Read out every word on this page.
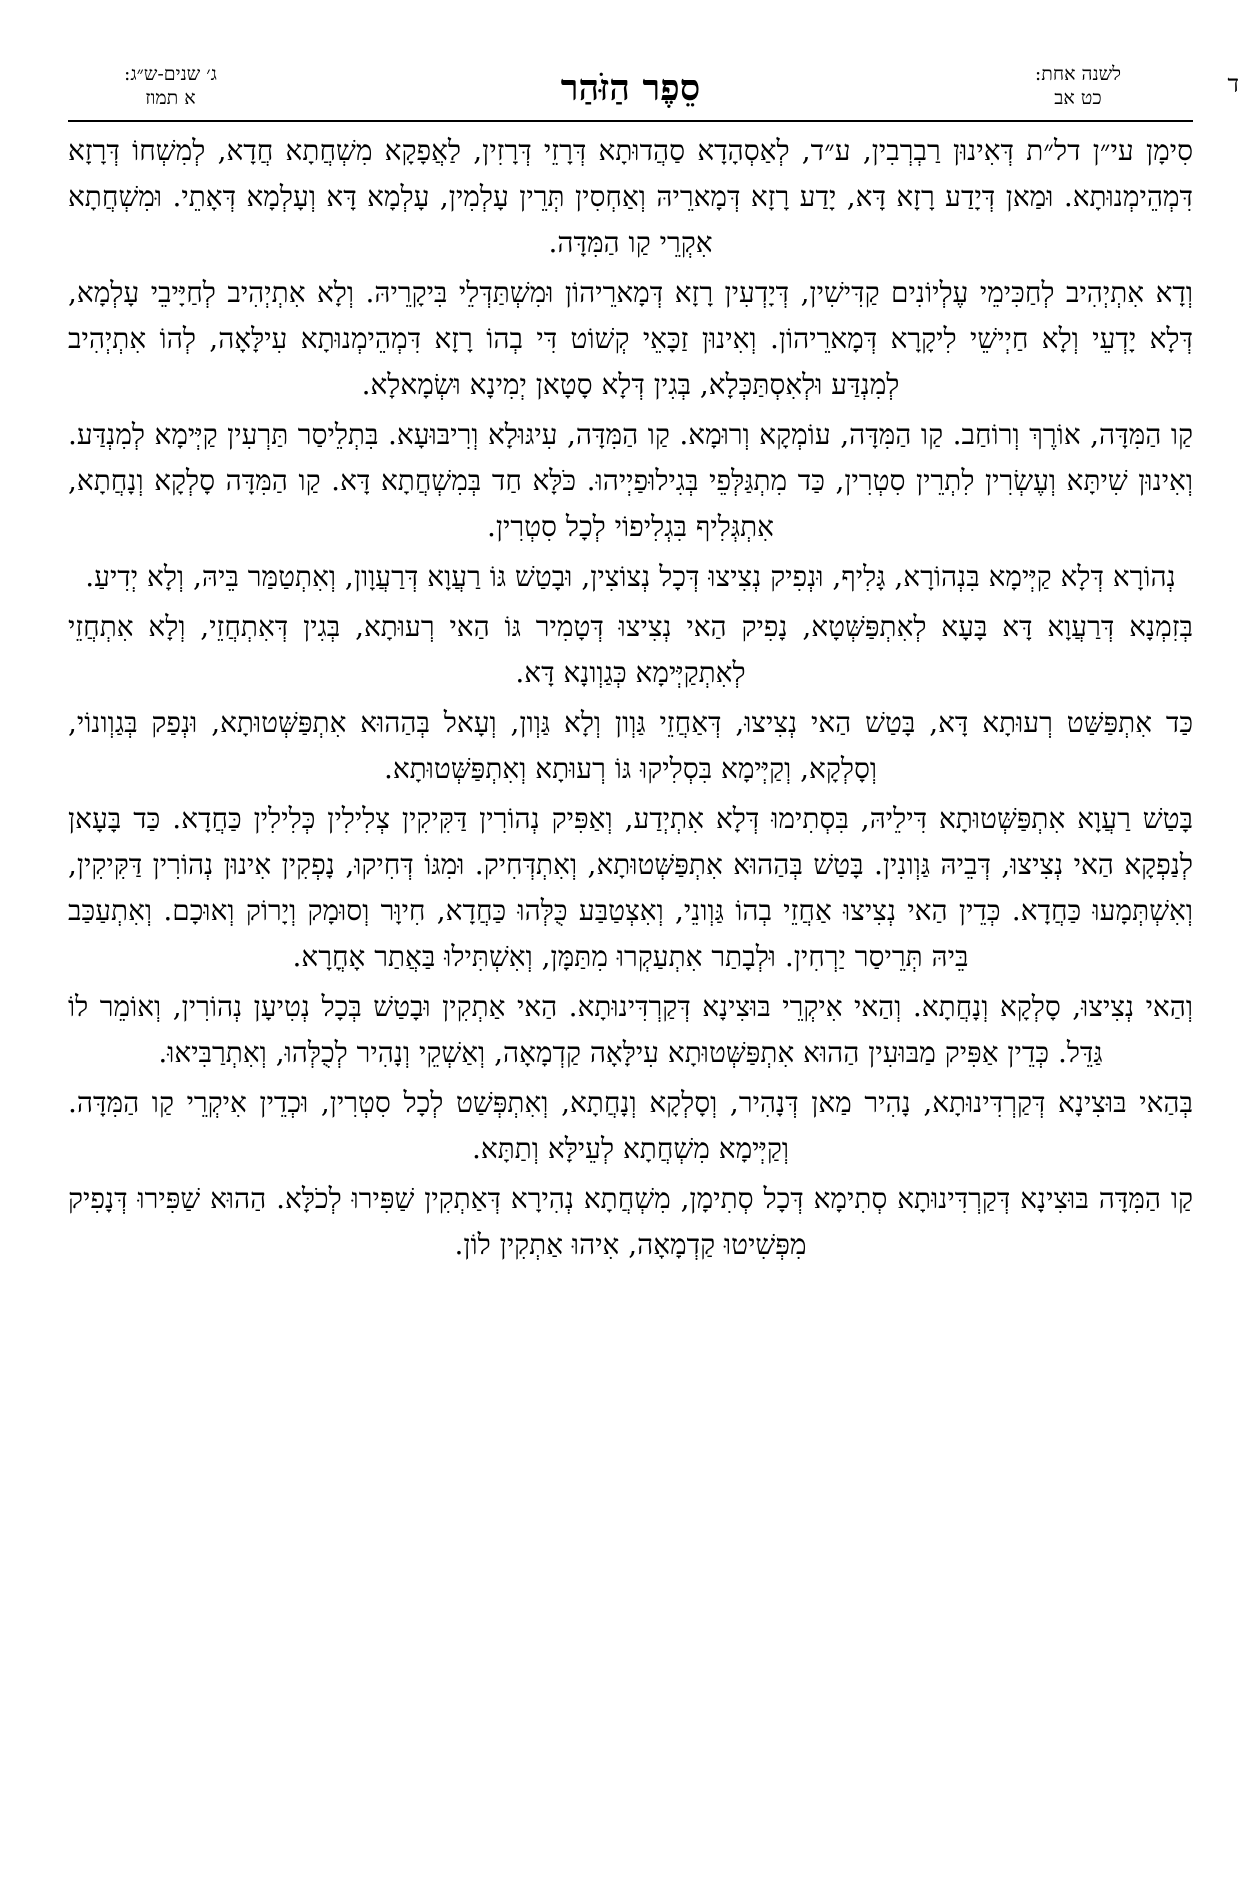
ד
לשנה אחת:
כט אב
סֵפֶר הַזֹּהַר
ג׳ שנים-ש״ג:
א תמוז

סִימָן עי״ן דל״ת דְּאִינוּן רַבְרְבִין, ע״ד, לְאַסְהָדָא סַהֲדוּתָא דְּרָזֵי דְּרָזִין, לַאֲפָקָא מִשְׁחֲתָא חֲדָא, לְמִשְׁחוֹ דְּרָזָא דִּמְהֵימְנוּתָא. וּמַאן דְּיָדַע רָזָא דָּא, יָדַע רָזָא דְּמָארֵיהּ וְאַחְסִין תְּרֵין עָלְמִין, עָלְמָא דָּא וְעָלְמָא דְּאָתֵי. וּמִשְׁחֲתָא אִקְרֵי קַו הַמִּדָּה.

וְדָא אִתְיְהִיב לְחַכִּימֵי עֶלְיוֹנִים קַדִּישִׁין, דְּיָדְעִין רָזָא דְּמָארֵיהוֹן וּמִשְׁתַּדְּלֵי בִּיקָרֵיהּ. וְלָא אִתְיְהִיב לְחַיָּיבֵי עָלְמָא, דְּלָא יָדְעֵי וְלָא חַיְישֵׁי לִיקָרָא דְּמָארֵיהוֹן. וְאִינוּן זַכָּאֵי קְשׁוֹט דִּי בְהוֹ רָזָא דִּמְהֵימְנוּתָא עִילָּאָה, לְהוֹ אִתְיְהִיב לְמִנְדַּע וּלְאִסְתַּכְּלָא, בְּגִין דְּלָא סָטָאן יְמִינָא וּשְׂמָאלָא.

קַו הַמִּדָּה, אוֹרֶךְ וְרוֹחַב. קַו הַמִּדָּה, עוֹמְקָא וְרוּמָא. קַו הַמִּדָּה, עִיגּוּלָא וְרִיבּוּעָא. בִּתְלֵיסַר תַּרְעִין קַיְּימָא לְמִנְדַּע. וְאִינוּן שִׁיתָּא וְעֶשְׂרִין לִתְרֵין סִטְרִין, כַּד מִתְגַּלְּפֵי בְּגִילוּפַיְיהוּ. כֹּלָּא חַד בְּמִשְׁחֲתָא דָּא. קַו הַמִּדָּה סָלְקָא וְנָחֲתָא, אִתְגְּלִיף בִּגְלִיפוֹי לְכָל סִטְרִין.

נְהוֹרָא דְּלָא קַיְּימָא בִּנְהוֹרָא, גָּלִיף, וּנְפִיק נְצִיצוּ דְּכָל נְצוֹצִין, וּבָטַשׁ גּוֹ רַעֲוָא דְּרַעֲוָון, וְאִתְטַמַּר בֵּיהּ, וְלָא יְדִיעַ.

בְּזִמְנָא דְּרַעֲוָא דָּא בָּעָא לְאִתְפַּשְּׁטָא, נָפִיק הַאי נְצִיצוּ דְּטָמִיר גּוֹ הַאי רְעוּתָא, בְּגִין דְּאִתְחֲזֵי, וְלָא אִתְחֲזֵי לְאִתְקַיְּימָא כְּגַוְונָא דָּא.

כַּד אִתְפַּשַּׁט רְעוּתָא דָּא, בָּטַשׁ הַאי נְצִיצוּ, דְּאַחֲזֵי גַּוְון וְלָא גַּוְון, וְעָאל בְּהַהוּא אִתְפַּשְּׁטוּתָא, וּנְפַק בְּגַוְונוֹי, וְסָלְקָא, וְקַיְּימָא בִּסְלִיקוּ גּוֹ רְעוּתָא וְאִתְפַּשְּׁטוּתָא.

בָּטַשׁ רַעֲוָא אִתְפַּשְּׁטוּתָא דִּילֵיהּ, בִּסְתִימוּ דְּלָא אִתְיְדַע, וְאַפִּיק נְהוֹרִין דַּקִּיקִין צְלִילִין כְּלִילִין כַּחֲדָא. כַּד בָּעָאן לְנַפְקָא הַאי נְצִיצוּ, דְּבֵיהּ גַּוְונִין. בָּטַשׁ בְּהַהוּא אִתְפַּשְּׁטוּתָא, וְאִתְדְּחִיק. וּמִגּוֹ דְּחִיקוּ, נָפְקִין אִינוּן נְהוֹרִין דַּקִּיקִין, וְאִשְׁתְּמָעוּ כַּחֲדָא. כְּדֵין הַאי נְצִיצוּ אַחֲזֵי בְהוֹ גַּוְונֵי, וְאִצְטַבַּע כֻּלְּהוּ כַּחֲדָא, חִיוָּר וְסוּמָק וְיָרוֹק וְאוּכָם. וְאִתְעַכַּב בֵּיהּ תְּרֵיסַר יַרְחִין. וּלְבָתַר אִתְעַקְרוּ מִתַּמָּן, וְאִשְׁתִּילוּ בַּאֲתַר אָחֳרָא.

וְהַאי נְצִיצוּ, סָלְקָא וְנָחֲתָא. וְהַאי אִיקְרֵי בּוּצִינָא דְּקַרְדִּינוּתָא. הַאי אַתְקִין וּבָטַשׁ בְּכָל נְטִיעָן נְהוֹרִין, וְאוֹמֵר לוֹ גַּדֵּל. כְּדֵין אַפִּיק מַבּוּעִין הַהוּא אִתְפַּשְּׁטוּתָא עִילָּאָה קַדְמָאָה, וְאַשְׁקֵי וְנָהִיר לְכֻלְּהוּ, וְאִתְרַבִּיאוּ.

בְּהַאי בּוּצִינָא דְּקַרְדִּינוּתָא, נָהִיר מַאן דְּנָהִיר, וְסָלְקָא וְנָחֲתָא, וְאִתְפְּשַׁט לְכָל סִטְרִין, וּכְדֵין אִיקְרֵי קַו הַמִּדָּה. וְקַיְּימָא מִשְׁחֲתָא לְעֵילָּא וְתַתָּא.

קַו הַמִּדָּה בּוּצִינָא דְּקַרְדִּינוּתָא סְתִימָא דְּכָל סְתִימָן, מִשְׁחֲתָא נְהִירָא דְּאַתְקִין שַׁפִּירוּ לְכֹלָּא. הַהוּא שַׁפִּירוּ דְּנָפִיק מִפְּשִׁיטוּ קַדְמָאָה, אִיהוּ אַתְקִין לוֹן.
